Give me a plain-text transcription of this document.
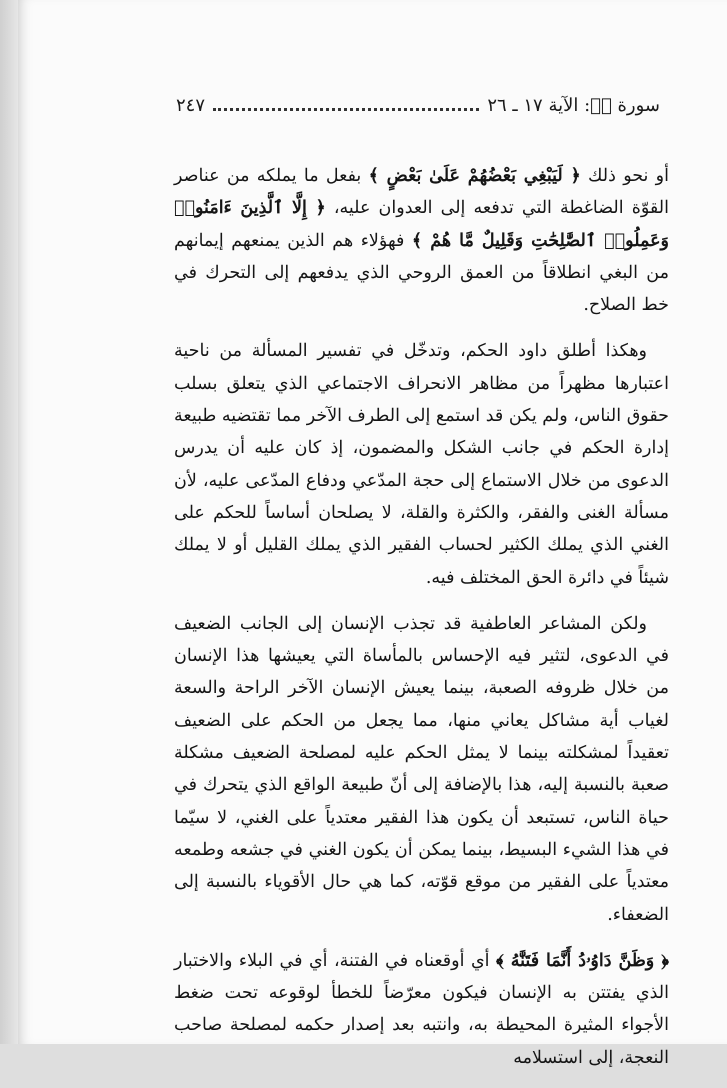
سورة صۤ: الآية ١٧ ـ ٢٦
٢٤٧

أو نحو ذلك ﴿ لَيَبْغِي بَعْضُهُمْ عَلَىٰ بَعْضٍ ﴾ بفعل ما يملكه من عناصر القوّة الضاغطة التي تدفعه إلى العدوان عليه، ﴿ إِلَّا ٱلَّذِينَ ءَامَنُوا۟ وَعَمِلُوا۟ ٱلصَّٰلِحَٰتِ وَقَلِيلٌ مَّا هُمْ ﴾ فهؤلاء هم الذين يمنعهم إيمانهم من البغي انطلاقاً من العمق الروحي الذي يدفعهم إلى التحرك في خط الصلاح.

وهكذا أطلق داود الحكم، وتدخّل في تفسير المسألة من ناحية اعتبارها مظهراً من مظاهر الانحراف الاجتماعي الذي يتعلق بسلب حقوق الناس، ولم يكن قد استمع إلى الطرف الآخر مما تقتضيه طبيعة إدارة الحكم في جانب الشكل والمضمون، إذ كان عليه أن يدرس الدعوى من خلال الاستماع إلى حجة المدّعي ودفاع المدّعى عليه، لأن مسألة الغنى والفقر، والكثرة والقلة، لا يصلحان أساساً للحكم على الغني الذي يملك الكثير لحساب الفقير الذي يملك القليل أو لا يملك شيئاً في دائرة الحق المختلف فيه.

ولكن المشاعر العاطفية قد تجذب الإنسان إلى الجانب الضعيف في الدعوى، لتثير فيه الإحساس بالمأساة التي يعيشها هذا الإنسان من خلال ظروفه الصعبة، بينما يعيش الإنسان الآخر الراحة والسعة لغياب أية مشاكل يعاني منها، مما يجعل من الحكم على الضعيف تعقيداً لمشكلته بينما لا يمثل الحكم عليه لمصلحة الضعيف مشكلة صعبة بالنسبة إليه، هذا بالإضافة إلى أنّ طبيعة الواقع الذي يتحرك في حياة الناس، تستبعد أن يكون هذا الفقير معتدياً على الغني، لا سيّما في هذا الشيء البسيط، بينما يمكن أن يكون الغني في جشعه وطمعه معتدياً على الفقير من موقع قوّته، كما هي حال الأقوياء بالنسبة إلى الضعفاء.

﴿ وَظَنَّ دَاوُۥدُ أَنَّمَا فَتَنَّٰهُ ﴾ أي أوقعناه في الفتنة، أي في البلاء والاختبار الذي يفتتن به الإنسان فيكون معرّضاً للخطأ لوقوعه تحت ضغط الأجواء المثيرة المحيطة به، وانتبه بعد إصدار حكمه لمصلحة صاحب النعجة، إلى استسلامه
